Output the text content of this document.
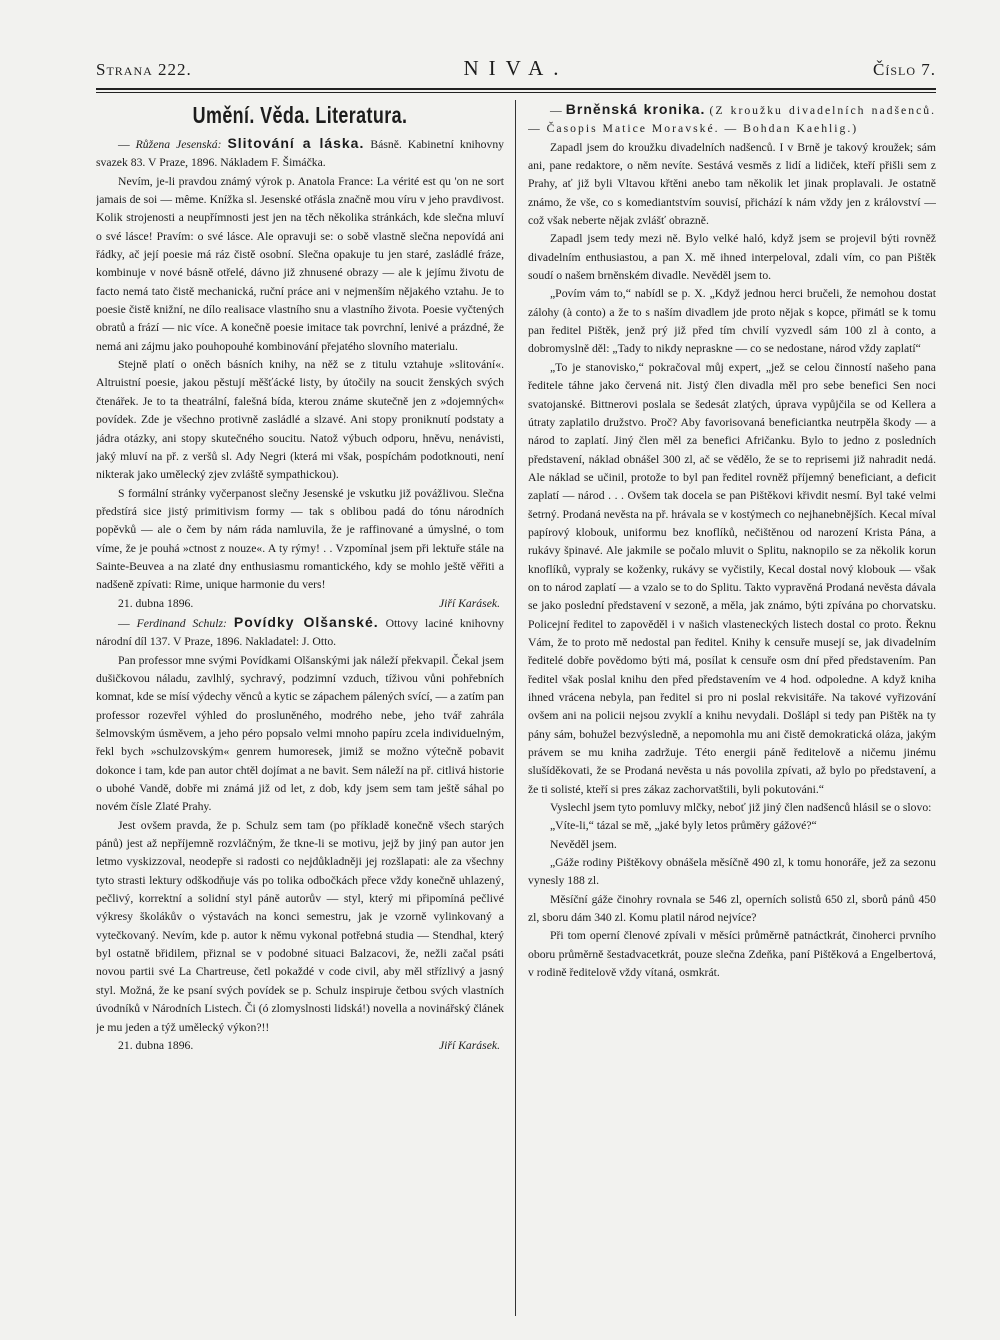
Strana 222.	NIVA.	Číslo 7.
Umění. Věda. Literatura.

— Růžena Jesenská: Slitování a láska. Básně. Kabinetní knihovny svazek 83. V Praze, 1896. Nákladem F. Šimáčka.

Nevím, je-li pravdou známý výrok p. Anatola France: La vérité est qu 'on ne sort jamais de soi — même. Knížka sl. Jesenské otřásla značně mou víru v jeho pravdivost. Kolik strojenosti a neupřímnosti jest jen na těch několika stránkách, kde slečna mluví o své lásce! Pravím: o své lásce. Ale opravuji se: o sobě vlastně slečna nepovídá ani řádky, ač její poesie má ráz čistě osobní. Slečna opakuje tu jen staré, zasládlé fráze, kombinuje v nové básně otřelé, dávno již zhnusené obrazy — ale k jejímu životu de facto nemá tato čistě mechanická, ruční práce ani v nejmenším nějakého vztahu. Je to poesie čistě knižní, ne dílo realisace vlastního snu a vlastního života. Poesie vyčtených obratů a frází — nic více. A konečně poesie imitace tak povrchní, lenivé a prázdné, že nemá ani zájmu jako pouhopouhé kombinování přejatého slovního materialu.

Stejně platí o oněch básních knihy, na něž se z titulu vztahuje »slitování«. Altruistní poesie, jakou pěstují měšťácké listy, by útočily na soucit ženských svých čtenářek. Je to ta theatrální, falešná bída, kterou známe skutečně jen z »dojemných« povídek. Zde je všechno protivně zasládlé a slzavé. Ani stopy proniknutí podstaty a jádra otázky, ani stopy skutečného soucitu. Natož výbuch odporu, hněvu, nenávisti, jaký mluví na př. z veršů sl. Ady Negri (která mi však, pospíchám podotknouti, není nikterak jako umělecký zjev zvláště sympathickou).

S formální stránky vyčerpanost slečny Jesenské je vskutku již povážlivou. Slečna předstírá sice jistý primitivism formy — tak s oblibou padá do tónu národních popěvků — ale o čem by nám ráda namluvila, že je raffinované a úmyslné, o tom víme, že je pouhá »ctnost z nouze«. A ty rýmy! . . Vzpomínal jsem při lektuře stále na Sainte-Beuvea a na zlaté dny enthusiasmu romantického, kdy se mohlo ještě věřiti a nadšeně zpívati: Rime, unique harmonie du vers!

21. dubna 1896.	Jiří Karásek.

— Ferdinand Schulz: Povídky Olšanské. Ottovy laciné knihovny národní díl 137. V Praze, 1896. Nakladatel: J. Otto.

Pan professor mne svými Povídkami Olšanskými jak náleží překvapil. Čekal jsem dušičkovou náladu, zavlhlý, sychravý, podzimní vzduch, tíživou vůni pohřebních komnat, kde se mísí výdechy věnců a kytic se zápachem pálených svící, — a zatím pan professor rozevřel výhled do prosluněného, modrého nebe, jeho tvář zahrála šelmovským úsměvem, a jeho péro popsalo velmi mnoho papíru zcela individuelným, řekl bych »schulzovským« genrem humoresek, jimiž se možno výtečně pobavit dokonce i tam, kde pan autor chtěl dojímat a ne bavit. Sem náleží na př. citlivá historie o ubohé Vandě, dobře mi známá již od let, z dob, kdy jsem sem tam ještě sáhal po novém čísle Zlaté Prahy.

Jest ovšem pravda, že p. Schulz sem tam (po příkladě konečně všech starých pánů) jest až nepříjemně rozvláčným, že tkne-li se motivu, jejž by jiný pan autor jen letmo vyskizzoval, neodepře si radosti co nejdůkladněji jej rozšlapati: ale za všechny tyto strasti lektury odškodňuje vás po tolika odbočkách přece vždy konečně uhlazený, pečlivý, korrektní a solidní styl páně autorův — styl, který mi připomíná pečlivé výkresy školákův o výstavách na konci semestru, jak je vzorně vylinkovaný a vytečkovaný. Nevím, kde p. autor k němu vykonal potřebná studia — Stendhal, který byl ostatně břidilem, přiznal se v podobné situaci Balzacovi, že, nežli začal psáti novou partii své La Chartreuse, četl pokaždé v code civil, aby měl střízlivý a jasný styl. Možná, že ke psaní svých povídek se p. Schulz inspiruje četbou svých vlastních úvodníků v Národních Listech. Či (ó zlomyslnosti lidská!) novella a novinářský článek je mu jeden a týž umělecký výkon?!!

21. dubna 1896.	Jiří Karásek.

— Brněnská kronika. (Z kroužku divadelních nadšenců. — Časopis Matice Moravské. — Bohdan Kaehlig.)

Zapadl jsem do kroužku divadelních nadšenců. I v Brně je takový kroužek; sám ani, pane redaktore, o něm nevíte. Sestává vesměs z lidí a lidiček, kteří přišli sem z Prahy, ať již byli Vltavou křtěni anebo tam několik let jinak proplavali. Je ostatně známo, že vše, co s komediantstvím souvisí, přichází k nám vždy jen z království — což však neberte nějak zvlášť obrazně.

Zapadl jsem tedy mezi ně. Bylo velké haló, když jsem se projevil býti rovněž divadelním enthusiastou, a pan X. mě ihned interpeloval, zdali vím, co pan Pištěk soudí o našem brněnském divadle. Nevěděl jsem to.

„Povím vám to,“ nabídl se p. X. „Když jednou herci bručeli, že nemohou dostat zálohy (à conto) a že to s naším divadlem jde proto nějak s kopce, přimátl se k tomu pan ředitel Pištěk, jenž prý již před tím chvilí vyzvedl sám 100 zl à conto, a dobromyslně děl: „Tady to nikdy nepraskne — co se nedostane, národ vždy zaplatí“

„To je stanovisko,“ pokračoval můj expert, „jež se celou činností našeho pana ředitele táhne jako červená nit. Jistý člen divadla měl pro sebe benefici Sen noci svatojanské. Bittnerovi poslala se šedesát zlatých, úprava vypůjčila se od Kellera a útraty zaplatilo družstvo. Proč? Aby favorisovaná beneficiantka neutrpěla škody — a národ to zaplatí. Jiný člen měl za benefici Afričanku. Bylo to jedno z posledních představení, náklad obnášel 300 zl, ač se vědělo, že se to reprisemi již nahradit nedá. Ale náklad se učinil, protože to byl pan ředitel rovněž příjemný beneficiant, a deficit zaplatí — národ . . . Ovšem tak docela se pan Pištěkovi křivdit nesmí. Byl také velmi šetrný. Prodaná nevěsta na př. hrávala se v kostýmech co nejhanebnějších. Kecal míval papírový klobouk, uniformu bez knoflíků, nečištěnou od narození Krista Pána, a rukávy špinavé. Ale jakmile se počalo mluvit o Splitu, naknopilo se za několik korun knoflíků, vypraly se koženky, rukávy se vyčistily, Kecal dostal nový klobouk — však on to národ zaplatí — a vzalo se to do Splitu. Takto vypravěná Prodaná nevěsta dávala se jako poslední představení v sezoně, a měla, jak známo, býti zpívána po chorvatsku. Policejní ředitel to zapověděl i v našich vlasteneckých listech dostal co proto. Řeknu Vám, že to proto mě nedostal pan ředitel. Knihy k censuře musejí se, jak divadelním ředitelé dobře povědomo býti má, posílat k censuře osm dní před představením. Pan ředitel však poslal knihu den před představením ve 4 hod. odpoledne. A když kniha ihned vrácena nebyla, pan ředitel si pro ni poslal rekvisitáře. Na takové vyřizování ovšem ani na policii nejsou zvyklí a knihu nevydali. Došlápl si tedy pan Pištěk na ty pány sám, bohužel bezvýsledně, a nepomohla mu ani čistě demokratická oláza, jakým právem se mu kniha zadržuje. Této energii páně ředitelově a ničemu jinému slušíděkovati, že se Prodaná nevěsta u nás povolila zpívati, až bylo po představení, a že ti solisté, kteří si pres zákaz zachorvatštili, byli pokutováni.“

Vyslechl jsem tyto pomluvy mlčky, neboť již jiný člen nadšenců hlásil se o slovo:

„Víte-li,“ tázal se mě, „jaké byly letos průměry gážové?“

Nevěděl jsem.

„Gáže rodiny Pištěkovy obnášela měsíčně 490 zl, k tomu honoráře, jež za sezonu vynesly 188 zl.

Měsíční gáže činohry rovnala se 546 zl, operních solistů 650 zl, sborů pánů 450 zl, sboru dám 340 zl. Komu platil národ nejvíce?

Při tom operní členové zpívali v měsíci průměrně patnáctkrát, činoherci prvního oboru průměrně šestadvacetkrát, pouze slečna Zdeňka, paní Pištěková a Engelbertová, v rodině ředitelově vždy vítaná, osmkrát.
